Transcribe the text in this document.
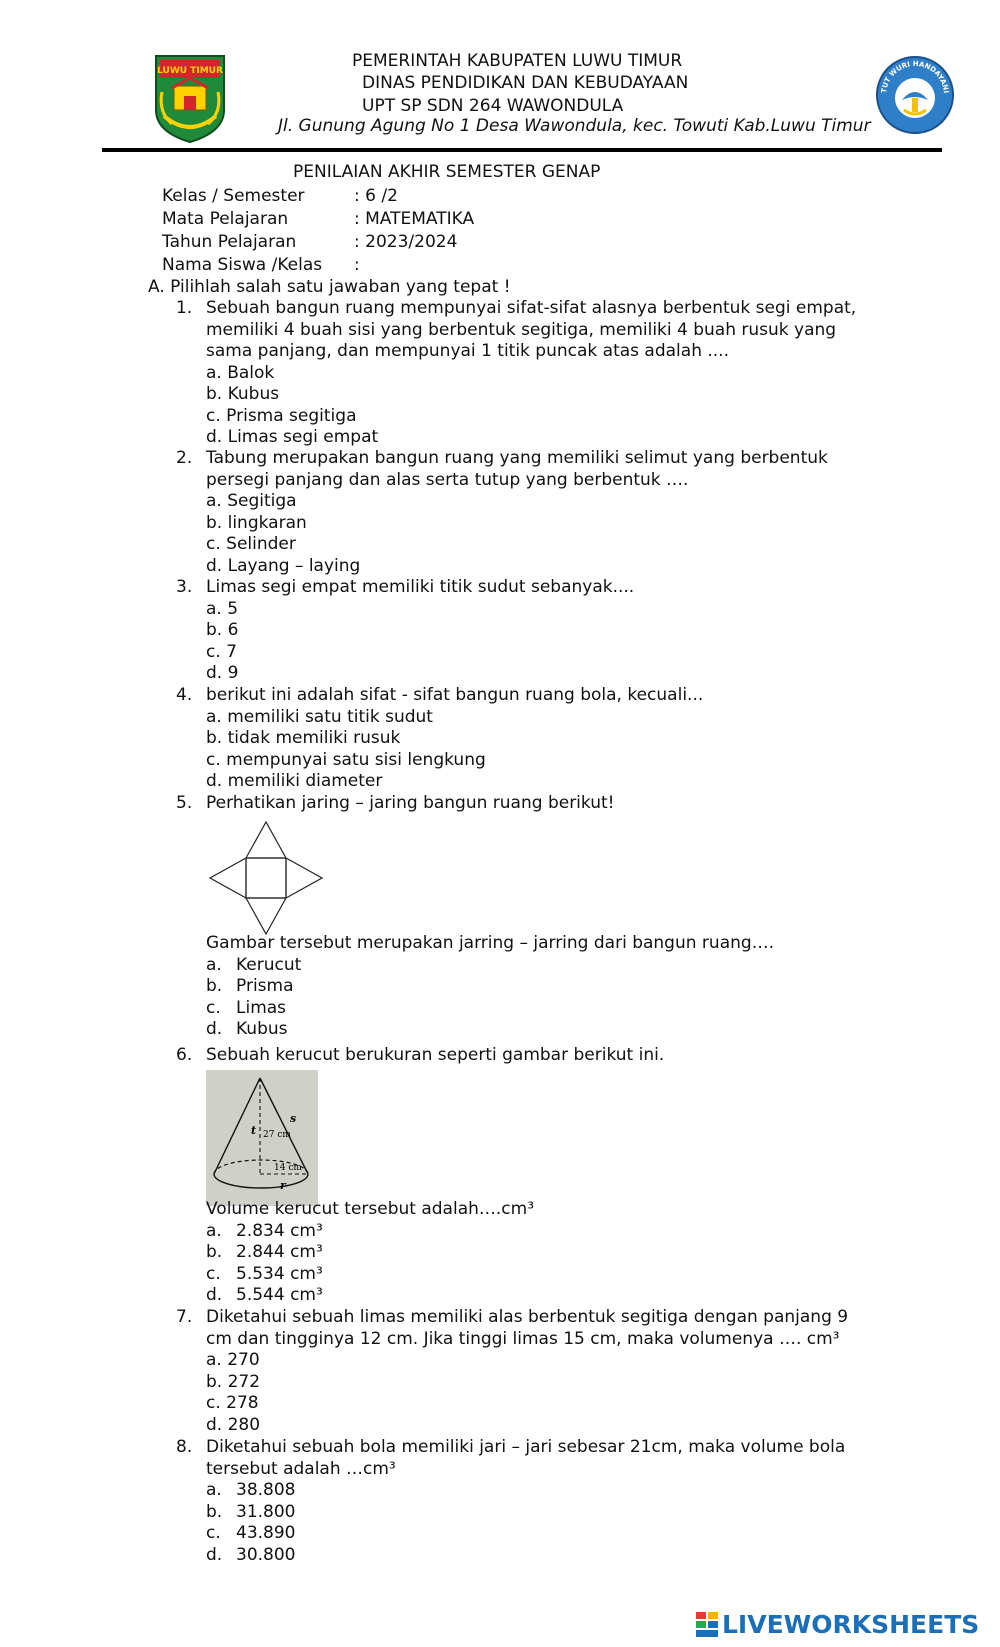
LUWU TIMUR
TUT WURI HANDAYANI
PEMERINTAH KABUPATEN LUWU TIMUR
DINAS PENDIDIKAN DAN KEBUDAYAAN
UPT SP SDN 264 WAWONDULA
Jl. Gunung Agung No 1 Desa Wawondula, kec. Towuti Kab.Luwu Timur
PENILAIAN AKHIR SEMESTER GENAP
Kelas / Semester	: 6 /2
Mata Pelajaran	: MATEMATIKA
Tahun Pelajaran	: 2023/2024
Nama Siswa /Kelas :
A. Pilihlah salah satu jawaban yang tepat !
1. Sebuah bangun ruang mempunyai sifat-sifat alasnya berbentuk segi empat, memiliki 4 buah sisi yang berbentuk segitiga, memiliki 4 buah rusuk yang sama panjang, dan mempunyai 1 titik puncak atas adalah ....
a. Balok
b. Kubus
c. Prisma segitiga
d. Limas segi empat
2. Tabung merupakan bangun ruang yang memiliki selimut yang berbentuk persegi panjang dan alas serta tutup yang berbentuk ….
a. Segitiga
b. lingkaran
c. Selinder
d. Layang – laying
3. Limas segi empat memiliki titik sudut sebanyak....
a. 5
b. 6
c. 7
d. 9
4. berikut ini adalah sifat - sifat bangun ruang bola, kecuali...
a. memiliki satu titik sudut
b. tidak memiliki rusuk
c. mempunyai satu sisi lengkung
d. memiliki diameter
5. Perhatikan jaring – jaring bangun ruang berikut!
Gambar tersebut merupakan jarring – jarring dari bangun ruang….
a. Kerucut
b. Prisma
c. Limas
d. Kubus
6. Sebuah kerucut berukuran seperti gambar berikut ini.
t 27 cm
s
14 cm
r
Volume kerucut tersebut adalah….cm³
a. 2.834 cm³
b. 2.844 cm³
c. 5.534 cm³
d. 5.544 cm³
7. Diketahui sebuah limas memiliki alas berbentuk segitiga dengan panjang 9 cm dan tingginya 12 cm. Jika tinggi limas 15 cm, maka volumenya …. cm³
a. 270
b. 272
c. 278
d. 280
8. Diketahui sebuah bola memiliki jari – jari sebesar 21cm, maka volume bola tersebut adalah …cm³
a. 38.808
b. 31.800
c. 43.890
d. 30.800
LIVEWORKSHEETS
